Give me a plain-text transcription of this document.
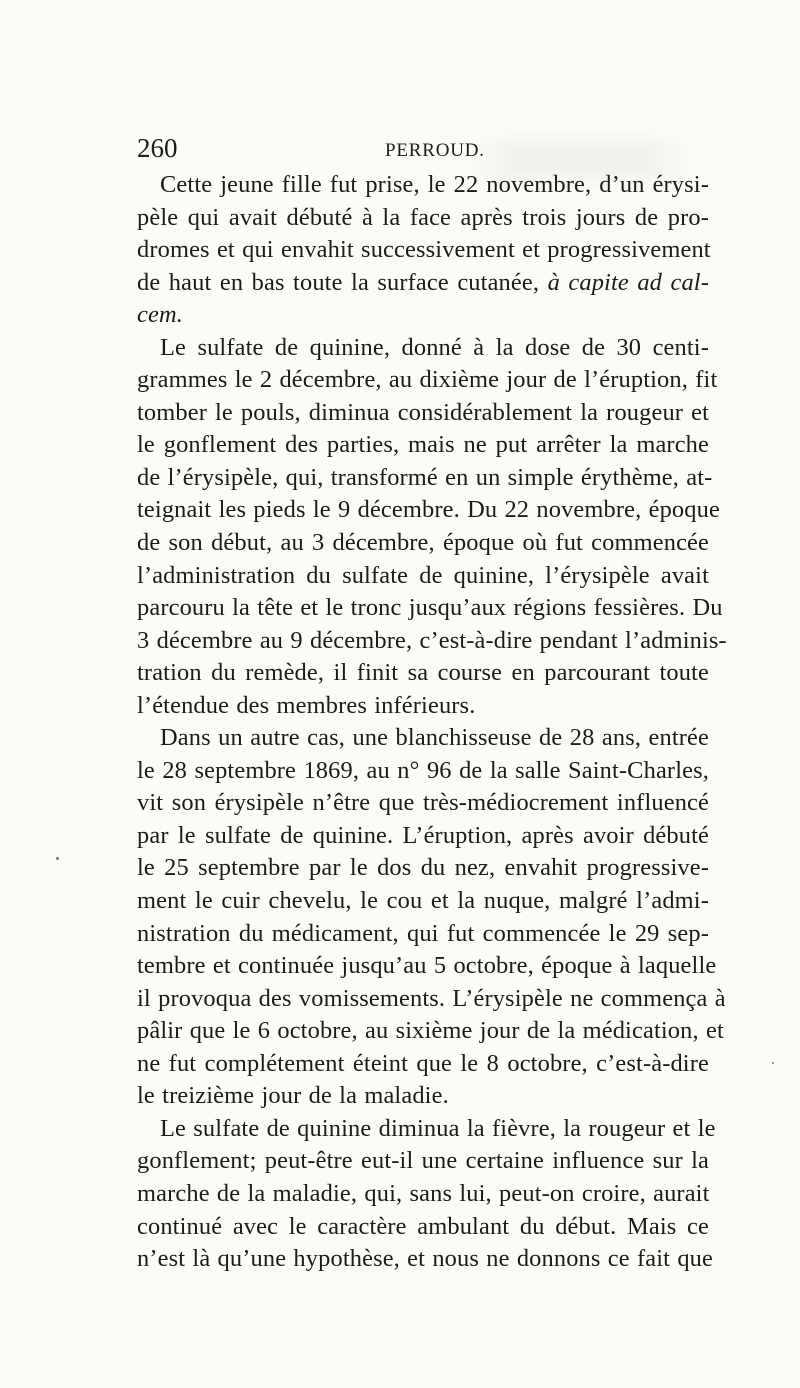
260	PERROUD.
Cette jeune fille fut prise, le 22 novembre, d’un érysi-
pèle qui avait débuté à la face après trois jours de pro-
dromes et qui envahit successivement et progressivement
de haut en bas toute la surface cutanée, à capite ad cal-
cem.
Le sulfate de quinine, donné à la dose de 30 centi-
grammes le 2 décembre, au dixième jour de l’éruption, fit
tomber le pouls, diminua considérablement la rougeur et
le gonflement des parties, mais ne put arrêter la marche
de l’érysipèle, qui, transformé en un simple érythème, at-
teignait les pieds le 9 décembre. Du 22 novembre, époque
de son début, au 3 décembre, époque où fut commencée
l’administration du sulfate de quinine, l’érysipèle avait
parcouru la tête et le tronc jusqu’aux régions fessières. Du
3 décembre au 9 décembre, c’est-à-dire pendant l’adminis-
tration du remède, il finit sa course en parcourant toute
l’étendue des membres inférieurs.
Dans un autre cas, une blanchisseuse de 28 ans, entrée
le 28 septembre 1869, au n° 96 de la salle Saint-Charles,
vit son érysipèle n’être que très-médiocrement influencé
par le sulfate de quinine. L’éruption, après avoir débuté
le 25 septembre par le dos du nez, envahit progressive-
ment le cuir chevelu, le cou et la nuque, malgré l’admi-
nistration du médicament, qui fut commencée le 29 sep-
tembre et continuée jusqu’au 5 octobre, époque à laquelle
il provoqua des vomissements. L’érysipèle ne commença à
pâlir que le 6 octobre, au sixième jour de la médication, et
ne fut complétement éteint que le 8 octobre, c’est-à-dire
le treizième jour de la maladie.
Le sulfate de quinine diminua la fièvre, la rougeur et le
gonflement; peut-être eut-il une certaine influence sur la
marche de la maladie, qui, sans lui, peut-on croire, aurait
continué avec le caractère ambulant du début. Mais ce
n’est là qu’une hypothèse, et nous ne donnons ce fait que
